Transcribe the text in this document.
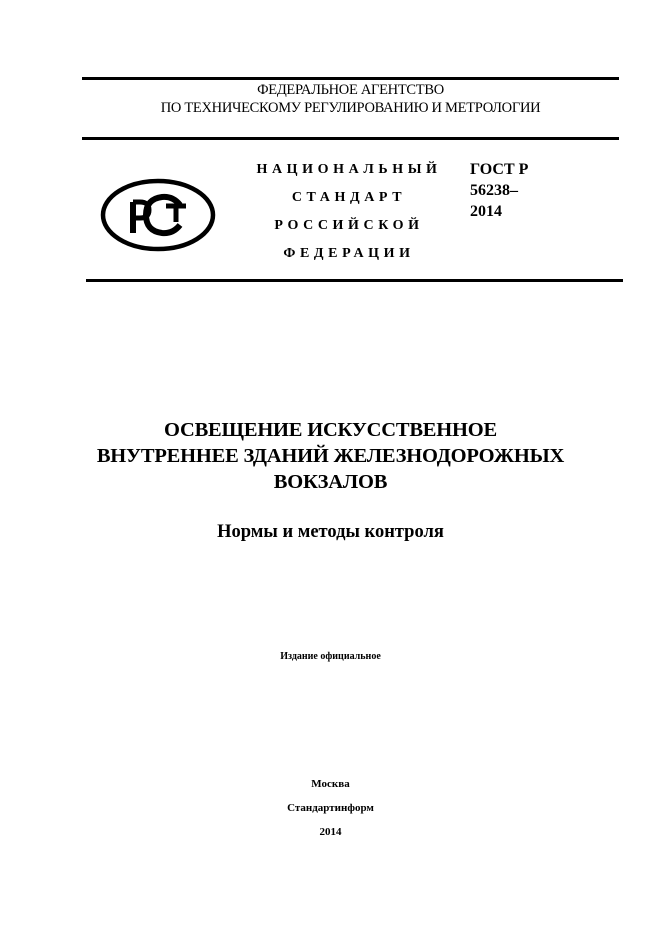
ФЕДЕРАЛЬНОЕ АГЕНТСТВО
ПО ТЕХНИЧЕСКОМУ РЕГУЛИРОВАНИЮ И МЕТРОЛОГИИ
НАЦИОНАЛЬНЫЙ
СТАНДАРТ
РОССИЙСКОЙ
ФЕДЕРАЦИИ
ГОСТ Р
56238–
2014
ОСВЕЩЕНИЕ ИСКУССТВЕННОЕ
ВНУТРЕННЕЕ ЗДАНИЙ ЖЕЛЕЗНОДОРОЖНЫХ
ВОКЗАЛОВ
Нормы и методы контроля
Издание официальное
Москва
Стандартинформ
2014
